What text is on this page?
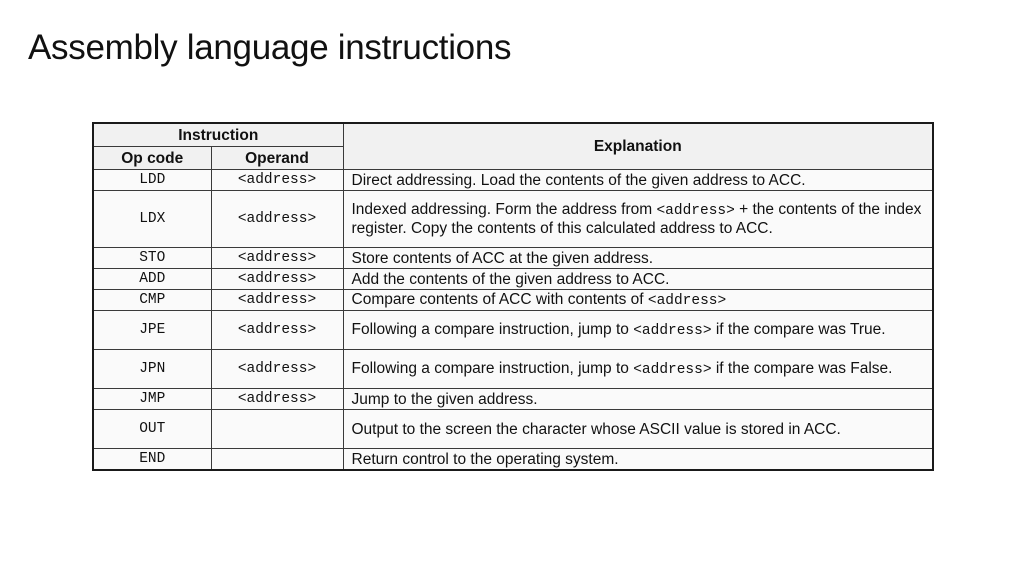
Assembly language instructions
Instruction		Explanation
Op code	Operand	
LDD	<address>	Direct addressing. Load the contents of the given address to ACC.
LDX	<address>	Indexed addressing. Form the address from <address> + the contents of the index register. Copy the contents of this calculated address to ACC.
STO	<address>	Store contents of ACC at the given address.
ADD	<address>	Add the contents of the given address to ACC.
CMP	<address>	Compare contents of ACC with contents of <address>
JPE	<address>	Following a compare instruction, jump to <address> if the compare was True.
JPN	<address>	Following a compare instruction, jump to <address> if the compare was False.
JMP	<address>	Jump to the given address.
OUT		Output to the screen the character whose ASCII value is stored in ACC.
END		Return control to the operating system.
